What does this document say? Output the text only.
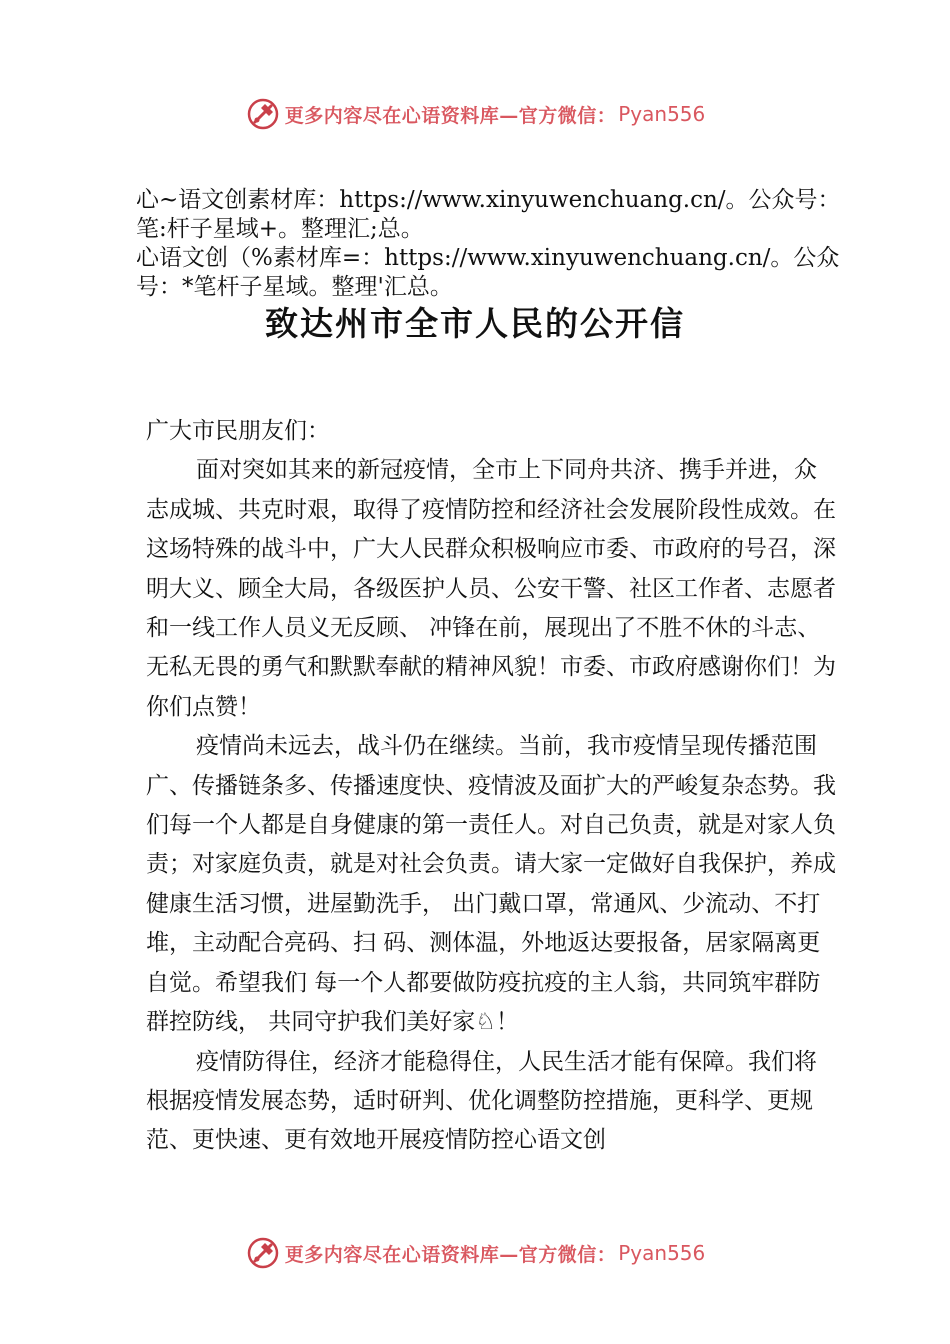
更多内容尽在心语资料库—官方微信： Pyan556

心~语文创素材库：https://www.xinyuwenchuang.cn/。公众号：笔:杆子星域+。整理汇;总。

心语文创（%素材库=：https://www.xinyuwenchuang.cn/。公众号：*笔杆子星域。整理'汇总。

致达州市全市人民的公开信

广大市民朋友们：

面对突如其来的新冠疫情，全市上下同舟共济、携手并进，众志成城、共克时艰，取得了疫情防控和经济社会发展阶段性成效。在这场特殊的战斗中，广大人民群众积极响应市委、市政府的号召，深明大义、顾全大局，各级医护人员、公安干警、社区工作者、志愿者和一线工作人员义无反顾、 冲锋在前，展现出了不胜不休的斗志、无私无畏的勇气和默默奉献的精神风貌！市委、市政府感谢你们！为你们点赞！

疫情尚未远去，战斗仍在继续。当前，我市疫情呈现传播范围广、传播链条多、传播速度快、疫情波及面扩大的严峻复杂态势。我们每一个人都是自身健康的第一责任人。对自己负责，就是对家人负责；对家庭负责，就是对社会负责。请大家一定做好自我保护，养成健康生活习惯，进屋勤洗手， 出门戴口罩，常通风、少流动、不打堆，主动配合亮码、扫 码、测体温，外地返达要报备，居家隔离更自觉。希望我们 每一个人都要做防疫抗疫的主人翁，共同筑牢群防群控防线， 共同守护我们美好家♘！

疫情防得住，经济才能稳得住，人民生活才能有保障。我们将根据疫情发展态势，适时研判、优化调整防控措施，更科学、更规范、更快速、更有效地开展疫情防控心语文创

更多内容尽在心语资料库—官方微信： Pyan556
